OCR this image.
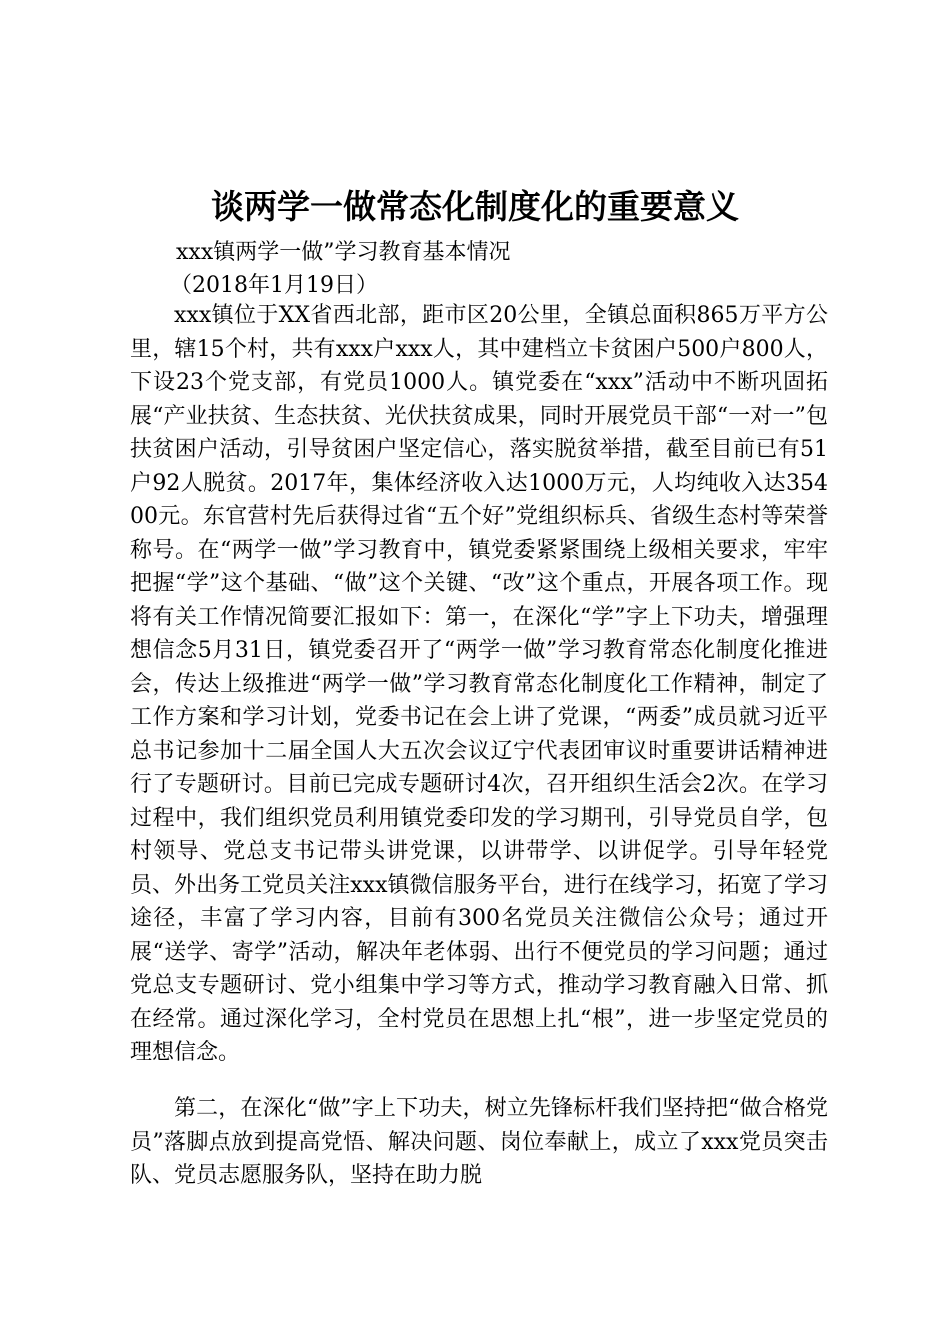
谈两学一做常态化制度化的重要意义

xxx镇两学一做”学习教育基本情况

（2018年1月19日）

xxx镇位于XX省西北部，距市区20公里，全镇总面积865万平方公里，辖15个村，共有xxx户xxx人，其中建档立卡贫困户500户800人，下设23个党支部，有党员1000人。镇党委在“xxx”活动中不断巩固拓展“产业扶贫、生态扶贫、光伏扶贫成果，同时开展党员干部“一对一”包扶贫困户活动，引导贫困户坚定信心，落实脱贫举措，截至目前已有51户92人脱贫。2017年，集体经济收入达1000万元，人均纯收入达35400元。东官营村先后获得过省“五个好”党组织标兵、省级生态村等荣誉称号。在“两学一做”学习教育中，镇党委紧紧围绕上级相关要求，牢牢把握“学”这个基础、“做”这个关键、“改”这个重点，开展各项工作。现将有关工作情况简要汇报如下：第一，在深化“学”字上下功夫，增强理想信念5月31日，镇党委召开了“两学一做”学习教育常态化制度化推进会，传达上级推进“两学一做”学习教育常态化制度化工作精神，制定了工作方案和学习计划，党委书记在会上讲了党课，“两委”成员就习近平总书记参加十二届全国人大五次会议辽宁代表团审议时重要讲话精神进行了专题研讨。目前已完成专题研讨4次，召开组织生活会2次。在学习过程中，我们组织党员利用镇党委印发的学习期刊，引导党员自学，包村领导、党总支书记带头讲党课，以讲带学、以讲促学。引导年轻党员、外出务工党员关注xxx镇微信服务平台，进行在线学习，拓宽了学习途径，丰富了学习内容，目前有300名党员关注微信公众号；通过开展“送学、寄学”活动，解决年老体弱、出行不便党员的学习问题；通过党总支专题研讨、党小组集中学习等方式，推动学习教育融入日常、抓在经常。通过深化学习，全村党员在思想上扎“根”，进一步坚定党员的理想信念。

第二，在深化“做”字上下功夫，树立先锋标杆我们坚持把“做合格党员”落脚点放到提高党悟、解决问题、岗位奉献上，成立了xxx党员突击队、党员志愿服务队，坚持在助力脱
